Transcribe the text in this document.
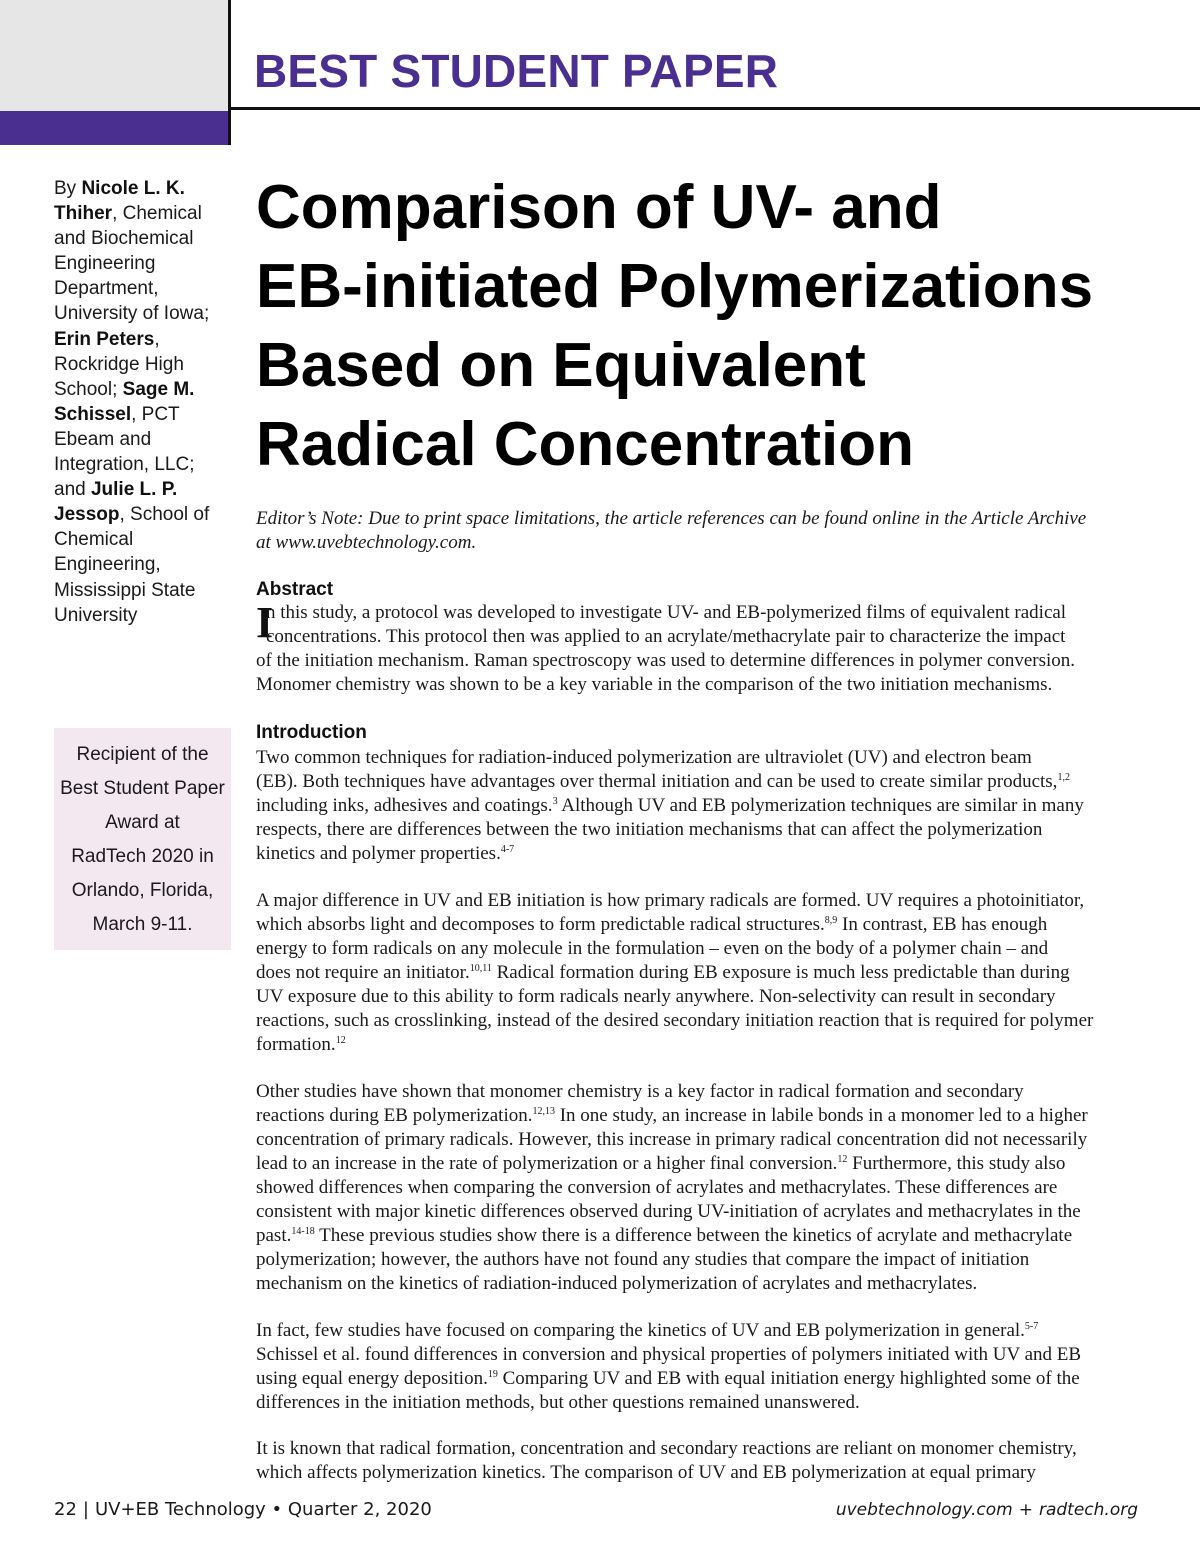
BEST STUDENT PAPER
By Nicole L. K. Thiher, Chemical and Biochemical Engineering Department, University of Iowa; Erin Peters, Rockridge High School; Sage M. Schissel, PCT Ebeam and Integration, LLC; and Julie L. P. Jessop, School of Chemical Engineering, Mississippi State University
Recipient of the
Best Student Paper
Award at
RadTech 2020 in
Orlando, Florida,
March 9-11.
Comparison of UV- and
EB-initiated Polymerizations
Based on Equivalent
Radical Concentration
Editor’s Note: Due to print space limitations, the article references can be found online in the Article Archive
at www.uvebtechnology.com.
Abstract
I
n this study, a protocol was developed to investigate UV- and EB-polymerized films of equivalent radical
concentrations. This protocol then was applied to an acrylate/methacrylate pair to characterize the impact
of the initiation mechanism. Raman spectroscopy was used to determine differences in polymer conversion.
Monomer chemistry was shown to be a key variable in the comparison of the two initiation mechanisms.
Introduction
Two common techniques for radiation-induced polymerization are ultraviolet (UV) and electron beam
(EB). Both techniques have advantages over thermal initiation and can be used to create similar products,$^{1,2}$
including inks, adhesives and coatings.$^3$ Although UV and EB polymerization techniques are similar in many
respects, there are differences between the two initiation mechanisms that can affect the polymerization
kinetics and polymer properties.$^{4-7}$
A major difference in UV and EB initiation is how primary radicals are formed. UV requires a photoinitiator,
which absorbs light and decomposes to form predictable radical structures.$^{8,9}$ In contrast, EB has enough
energy to form radicals on any molecule in the formulation – even on the body of a polymer chain – and
does not require an initiator.$^{10,11}$ Radical formation during EB exposure is much less predictable than during
UV exposure due to this ability to form radicals nearly anywhere. Non-selectivity can result in secondary
reactions, such as crosslinking, instead of the desired secondary initiation reaction that is required for polymer
formation.$^{12}$
Other studies have shown that monomer chemistry is a key factor in radical formation and secondary
reactions during EB polymerization.$^{12,13}$ In one study, an increase in labile bonds in a monomer led to a higher
concentration of primary radicals. However, this increase in primary radical concentration did not necessarily
lead to an increase in the rate of polymerization or a higher final conversion.$^{12}$ Furthermore, this study also
showed differences when comparing the conversion of acrylates and methacrylates. These differences are
consistent with major kinetic differences observed during UV-initiation of acrylates and methacrylates in the
past.$^{14-18}$ These previous studies show there is a difference between the kinetics of acrylate and methacrylate
polymerization; however, the authors have not found any studies that compare the impact of initiation
mechanism on the kinetics of radiation-induced polymerization of acrylates and methacrylates.
In fact, few studies have focused on comparing the kinetics of UV and EB polymerization in general.$^{5-7}$
Schissel et al. found differences in conversion and physical properties of polymers initiated with UV and EB
using equal energy deposition.$^{19}$ Comparing UV and EB with equal initiation energy highlighted some of the
differences in the initiation methods, but other questions remained unanswered.
It is known that radical formation, concentration and secondary reactions are reliant on monomer chemistry,
which affects polymerization kinetics. The comparison of UV and EB polymerization at equal primary
22 | UV+EB Technology • Quarter 2, 2020	uvebtechnology.com + radtech.org
